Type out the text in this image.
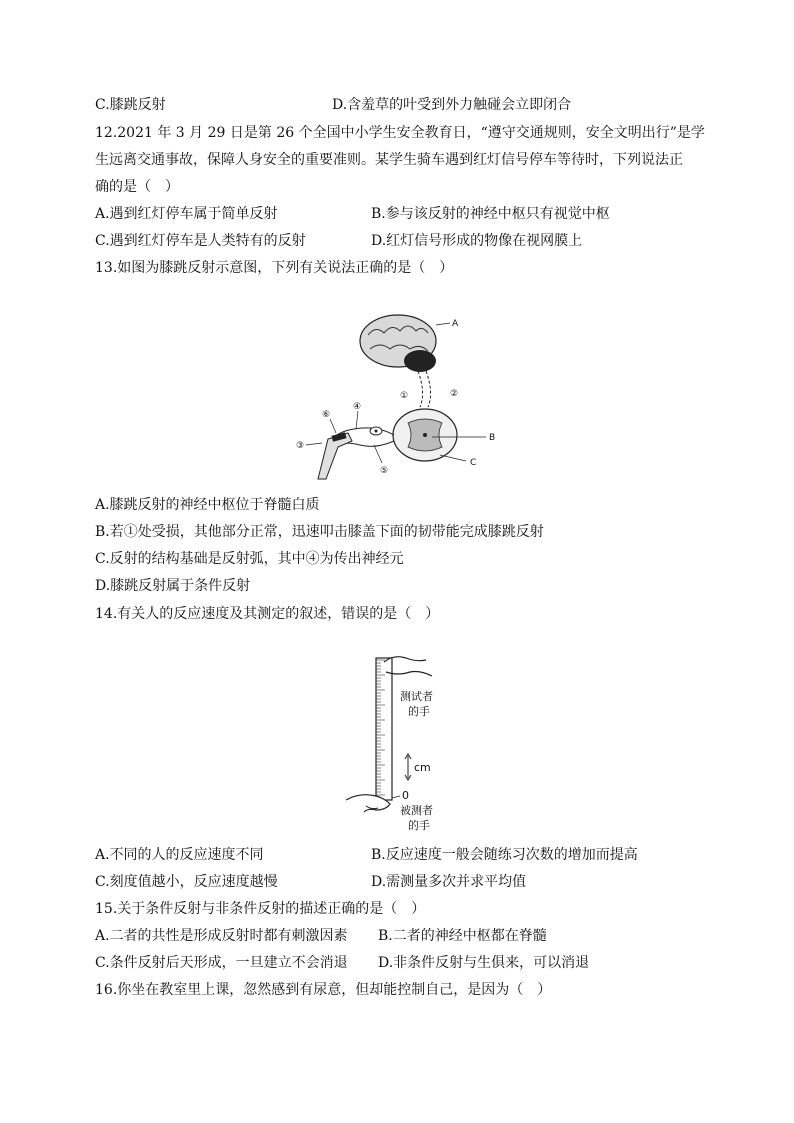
C.膝跳反射	D.含羞草的叶受到外力触碰会立即闭合
12.2021 年 3 月 29 日是第 26 个全国中小学生安全教育日，“遵守交通规则，安全文明出行”是学
生远离交通事故，保障人身安全的重要准则。某学生骑车遇到红灯信号停车等待时，下列说法正
确的是（　）
A.遇到红灯停车属于简单反射	B.参与该反射的神经中枢只有视觉中枢
C.遇到红灯停车是人类特有的反射	D.红灯信号形成的物像在视网膜上
13.如图为膝跳反射示意图，下列有关说法正确的是（　）
A
①	②
B
C
④
⑤
⑥
③
A.膝跳反射的神经中枢位于脊髓白质
B.若①处受损，其他部分正常，迅速叩击膝盖下面的韧带能完成膝跳反射
C.反射的结构基础是反射弧，其中④为传出神经元
D.膝跳反射属于条件反射
14.有关人的反应速度及其测定的叙述，错误的是（　）
测试者
的手
cm
0
被测者
的手
A.不同的人的反应速度不同	B.反应速度一般会随练习次数的增加而提高
C.刻度值越小，反应速度越慢	D.需测量多次并求平均值
15.关于条件反射与非条件反射的描述正确的是（　）
A.二者的共性是形成反射时都有刺激因素 B.二者的神经中枢都在脊髓
C.条件反射后天形成，一旦建立不会消退 D.非条件反射与生俱来，可以消退
16.你坐在教室里上课，忽然感到有尿意，但却能控制自己，是因为（　）
